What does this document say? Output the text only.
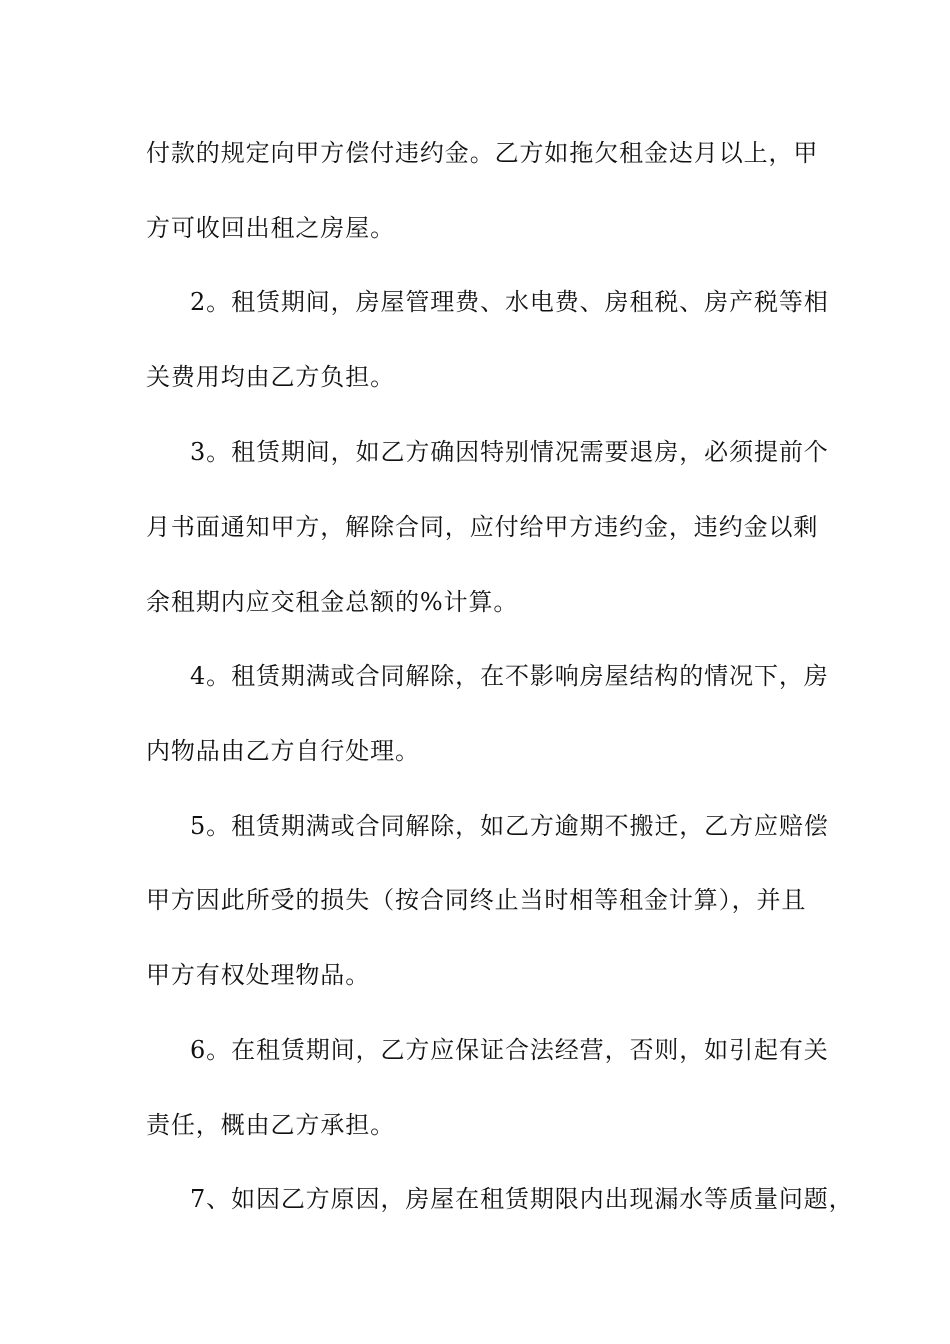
付款的规定向甲方偿付违约金。乙方如拖欠租金达月以上，甲

方可收回出租之房屋。

2。租赁期间，房屋管理费、水电费、房租税、房产税等相

关费用均由乙方负担。

3。租赁期间，如乙方确因特别情况需要退房，必须提前个

月书面通知甲方，解除合同，应付给甲方违约金，违约金以剩

余租期内应交租金总额的%计算。

4。租赁期满或合同解除，在不影响房屋结构的情况下，房

内物品由乙方自行处理。

5。租赁期满或合同解除，如乙方逾期不搬迁，乙方应赔偿

甲方因此所受的损失（按合同终止当时相等租金计算），并且

甲方有权处理物品。

6。在租赁期间，乙方应保证合法经营，否则，如引起有关

责任，概由乙方承担。

7、如因乙方原因，房屋在租赁期限内出现漏水等质量问题，
